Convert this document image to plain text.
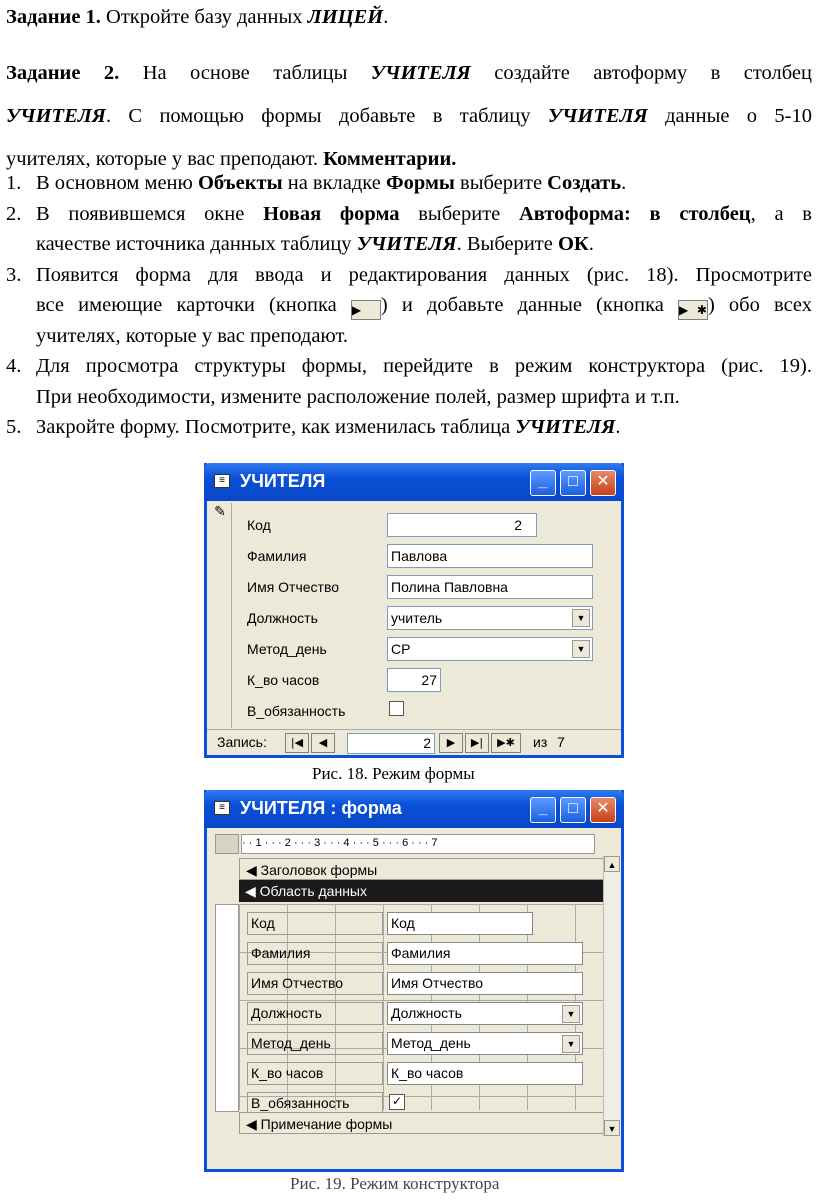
Задание 1. Откройте базу данных ЛИЦЕЙ.
Задание 2. На основе таблицы УЧИТЕЛЯ создайте автоформу в столбец
УЧИТЕЛЯ. С помощью формы добавьте в таблицу УЧИТЕЛЯ данные о 5-10
учителях, которые у вас преподают. Комментарии.
1. В основном меню Объекты на вкладке Формы выберите Создать.
2. В появившемся окне Новая форма выберите Автоформа: в столбец, а в
качестве источника данных таблицу УЧИТЕЛЯ. Выберите ОК.
3. Появится форма для ввода и редактирования данных (рис. 18). Просмотрите
все имеющие карточки (кнопка ▶ ) и добавьте данные (кнопка ▶✱) обо всех
учителях, которые у вас преподают.
4. Для просмотра структуры формы, перейдите в режим конструктора (рис. 19).
При необходимости, измените расположение полей, размер шрифта и т.п.
5. Закройте форму. Посмотрите, как изменилась таблица УЧИТЕЛЯ.
≡ УЧИТЕЛЯ	_	□	✕
✎
Код	2
Фамилия	Павлова
Имя Отчество	Полина Павловна
Должность	учитель	▼
Метод_день	СР	▼
К_во часов	27
В_обязанность
Запись:	|◀	◀	2	▶	▶|	▶✱	из 7
Рис. 18. Режим формы
≡ УЧИТЕЛЯ : форма	_	□	✕
· · 1 · · · 2 · · · 3 · · · 4 · · · 5 · · · 6 · · · 7
◀ Заголовок формы
◀ Область данных
Код	Код
Фамилия	Фамилия
Имя Отчество	Имя Отчество
Должность	Должность	▼
Метод_день	Метод_день	▼
К_во часов	К_во часов
В_обязанность	✓
◀ Примечание формы
▲
▼
Рис. 19. Режим конструктора
